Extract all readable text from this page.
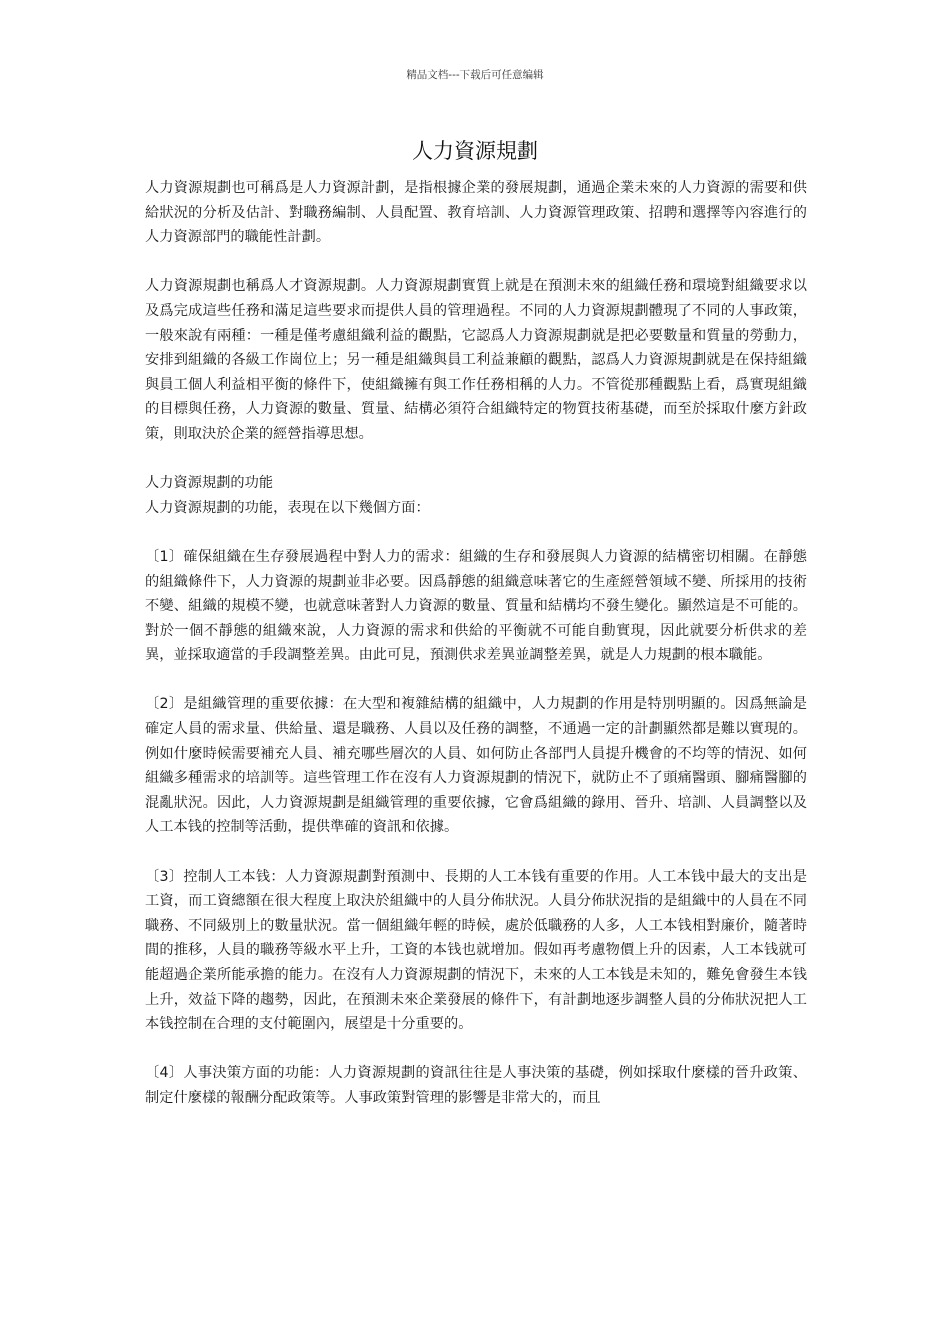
精品文档---下载后可任意编辑
人力資源規劃

人力資源規劃也可稱爲是人力資源計劃，是指根據企業的發展規劃，通過企業未來的人力資源的需要和供給狀況的分析及估計、對職務編制、人員配置、教育培訓、人力資源管理政策、招聘和選擇等內容進行的人力資源部門的職能性計劃。

人力資源規劃也稱爲人才資源規劃。人力資源規劃實質上就是在預測未來的組織任務和環境對組織要求以及爲完成這些任務和滿足這些要求而提供人員的管理過程。不同的人力資源規劃體現了不同的人事政策，一般來說有兩種：一種是僅考慮組織利益的觀點，它認爲人力資源規劃就是把必要數量和質量的勞動力，安排到組織的各級工作崗位上；另一種是組織與員工利益兼顧的觀點，認爲人力資源規劃就是在保持組織與員工個人利益相平衡的條件下，使組織擁有與工作任務相稱的人力。不管從那種觀點上看，爲實現組織的目標與任務，人力資源的數量、質量、結構必須符合組織特定的物質技術基礎，而至於採取什麼方針政策，則取決於企業的經營指導思想。

人力資源規劃的功能

人力資源規劃的功能，表現在以下幾個方面：

〔1〕確保組織在生存發展過程中對人力的需求：組織的生存和發展與人力資源的結構密切相關。在靜態的組織條件下，人力資源的規劃並非必要。因爲靜態的組織意味著它的生產經營領域不變、所採用的技術不變、組織的規模不變，也就意味著對人力資源的數量、質量和結構均不發生變化。顯然這是不可能的。對於一個不靜態的組織來說，人力資源的需求和供給的平衡就不可能自動實現，因此就要分析供求的差異，並採取適當的手段調整差異。由此可見，預測供求差異並調整差異，就是人力規劃的根本職能。

〔2〕是組織管理的重要依據：在大型和複雜結構的組織中，人力規劃的作用是特別明顯的。因爲無論是確定人員的需求量、供給量、還是職務、人員以及任務的調整，不通過一定的計劃顯然都是難以實現的。例如什麼時候需要補充人員、補充哪些層次的人員、如何防止各部門人員提升機會的不均等的情況、如何組織多種需求的培訓等。這些管理工作在沒有人力資源規劃的情況下，就防止不了頭痛醫頭、腳痛醫腳的混亂狀況。因此，人力資源規劃是組織管理的重要依據，它會爲組織的錄用、晉升、培訓、人員調整以及人工本钱的控制等活動，提供準確的資訊和依據。

〔3〕控制人工本钱：人力資源規劃對預測中、長期的人工本钱有重要的作用。人工本钱中最大的支出是工資，而工資總額在很大程度上取決於組織中的人員分佈狀況。人員分佈狀況指的是組織中的人員在不同職務、不同級別上的數量狀況。當一個組織年輕的時候，處於低職務的人多，人工本钱相對廉价，隨著時間的推移，人員的職務等級水平上升，工資的本钱也就增加。假如再考慮物價上升的因素，人工本钱就可能超過企業所能承擔的能力。在沒有人力資源規劃的情況下，未來的人工本钱是未知的，難免會發生本钱上升，效益下降的趨勢，因此，在預測未來企業發展的條件下，有計劃地逐步調整人員的分佈狀況把人工本钱控制在合理的支付範圍內，展望是十分重要的。

〔4〕人事決策方面的功能：人力資源規劃的資訊往往是人事決策的基礎，例如採取什麼樣的晉升政策、制定什麼樣的報酬分配政策等。人事政策對管理的影響是非常大的，而且
